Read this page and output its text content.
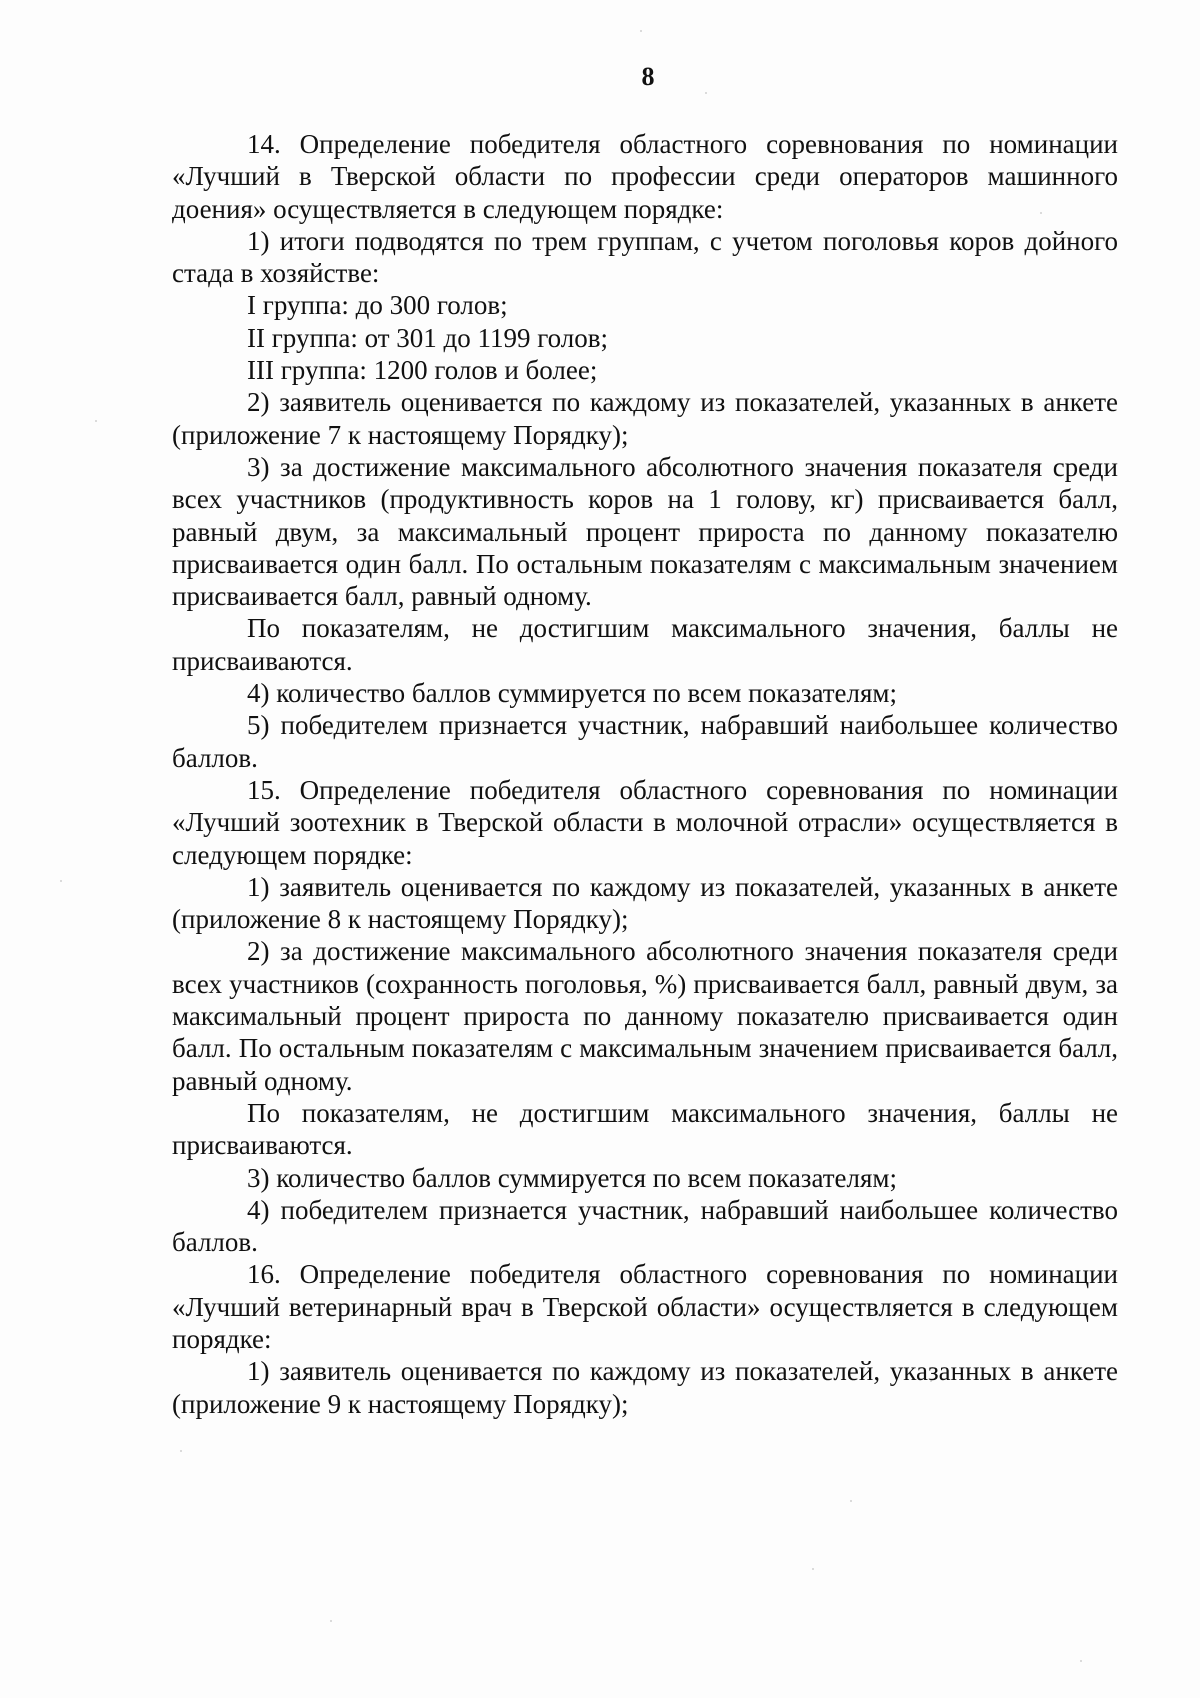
8

14. Определение победителя областного соревнования по номинации «Лучший в Тверской области по профессии среди операторов машинного доения» осуществляется в следующем порядке:

1) итоги подводятся по трем группам, с учетом поголовья коров дойного стада в хозяйстве:

I группа: до 300 голов;

II группа: от 301 до 1199 голов;

III группа: 1200 голов и более;

2) заявитель оценивается по каждому из показателей, указанных в анкете (приложение 7 к настоящему Порядку);

3) за достижение максимального абсолютного значения показателя среди всех участников (продуктивность коров на 1 голову, кг) присваивается балл, равный двум, за максимальный процент прироста по данному показателю присваивается один балл. По остальным показателям с максимальным значением присваивается балл, равный одному.

По показателям, не достигшим максимального значения, баллы не присваиваются.

4) количество баллов суммируется по всем показателям;

5) победителем признается участник, набравший наибольшее количество баллов.

15. Определение победителя областного соревнования по номинации «Лучший зоотехник в Тверской области в молочной отрасли» осуществляется в следующем порядке:

1) заявитель оценивается по каждому из показателей, указанных в анкете (приложение 8 к настоящему Порядку);

2) за достижение максимального абсолютного значения показателя среди всех участников (сохранность поголовья, %) присваивается балл, равный двум, за максимальный процент прироста по данному показателю присваивается один балл. По остальным показателям с максимальным значением присваивается балл, равный одному.

По показателям, не достигшим максимального значения, баллы не присваиваются.

3) количество баллов суммируется по всем показателям;

4) победителем признается участник, набравший наибольшее количество баллов.

16. Определение победителя областного соревнования по номинации «Лучший ветеринарный врач в Тверской области» осуществляется в следующем порядке:

1) заявитель оценивается по каждому из показателей, указанных в анкете (приложение 9 к настоящему Порядку);
